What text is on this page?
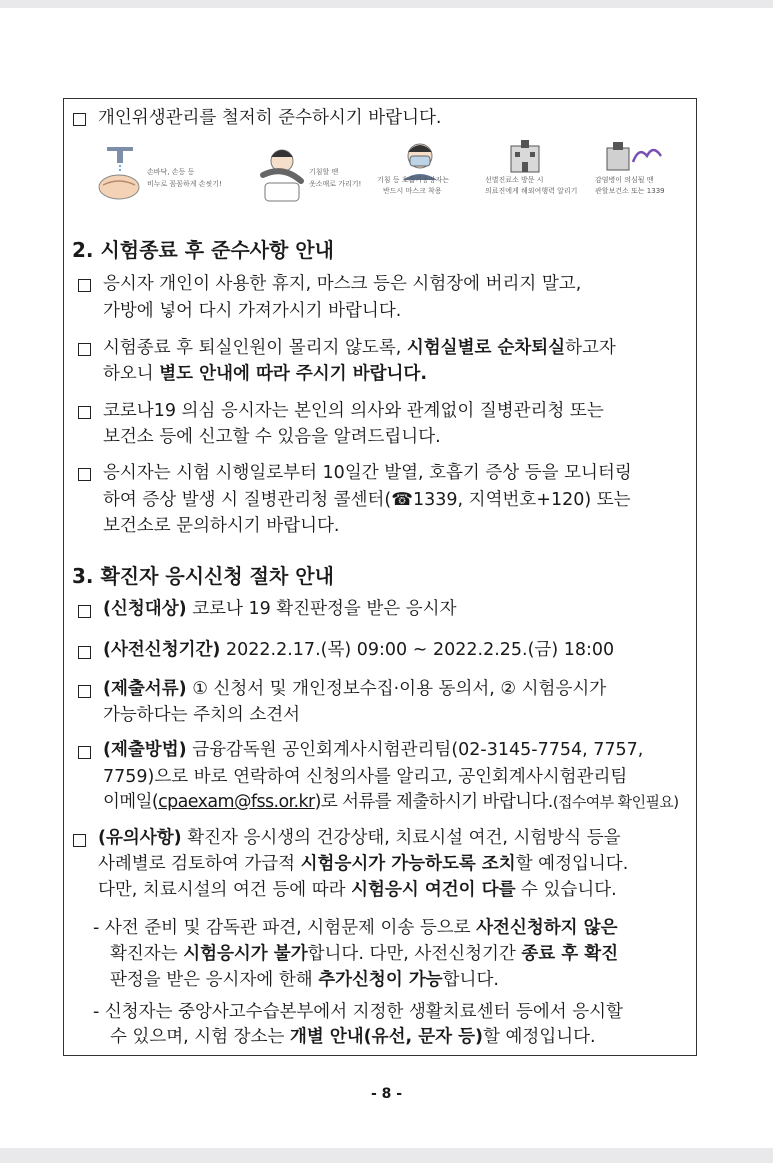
개인위생관리를 철저히 준수하시기 바랍니다.
손바닥, 손등 등
비누로 꼼꼼하게 손씻기!
기침할 땐
옷소매로 가리기! 기침 등 호흡기증상자는
반드시 마스크 착용
선별진료소 방문 시
의료진에게 해외여행력 알리기
감염병이 의심될 땐
관할보건소 또는 1339
2. 시험종료 후 준수사항 안내
응시자 개인이 사용한 휴지, 마스크 등은 시험장에 버리지 말고,
가방에 넣어 다시 가져가시기 바랍니다.
시험종료 후 퇴실인원이 몰리지 않도록, 시험실별로 순차퇴실하고자
하오니 별도 안내에 따라 주시기 바랍니다.
코로나19 의심 응시자는 본인의 의사와 관계없이 질병관리청 또는
보건소 등에 신고할 수 있음을 알려드립니다.
응시자는 시험 시행일로부터 10일간 발열, 호흡기 증상 등을 모니터링
하여 증상 발생 시 질병관리청 콜센터(☎1339, 지역번호+120) 또는
보건소로 문의하시기 바랍니다.
3. 확진자 응시신청 절차 안내
(신청대상) 코로나 19 확진판정을 받은 응시자
(사전신청기간) 2022.2.17.(목) 09:00 ~ 2022.2.25.(금) 18:00
(제출서류) ① 신청서 및 개인정보수집·이용 동의서, ② 시험응시가
가능하다는 주치의 소견서
(제출방법) 금융감독원 공인회계사시험관리팀(02-3145-7754, 7757,
7759)으로 바로 연락하여 신청의사를 알리고, 공인회계사시험관리팀
이메일(cpaexam@fss.or.kr)로 서류를 제출하시기 바랍니다.(접수여부 확인필요)
(유의사항) 확진자 응시생의 건강상태, 치료시설 여건, 시험방식 등을
사례별로 검토하여 가급적 시험응시가 가능하도록 조치할 예정입니다.
다만, 치료시설의 여건 등에 따라 시험응시 여건이 다를 수 있습니다.
- 사전 준비 및 감독관 파견, 시험문제 이송 등으로 사전신청하지 않은
확진자는 시험응시가 불가합니다. 다만, 사전신청기간 종료 후 확진
판정을 받은 응시자에 한해 추가신청이 가능합니다.
- 신청자는 중앙사고수습본부에서 지정한 생활치료센터 등에서 응시할
수 있으며, 시험 장소는 개별 안내(유선, 문자 등)할 예정입니다.
- 8 -
